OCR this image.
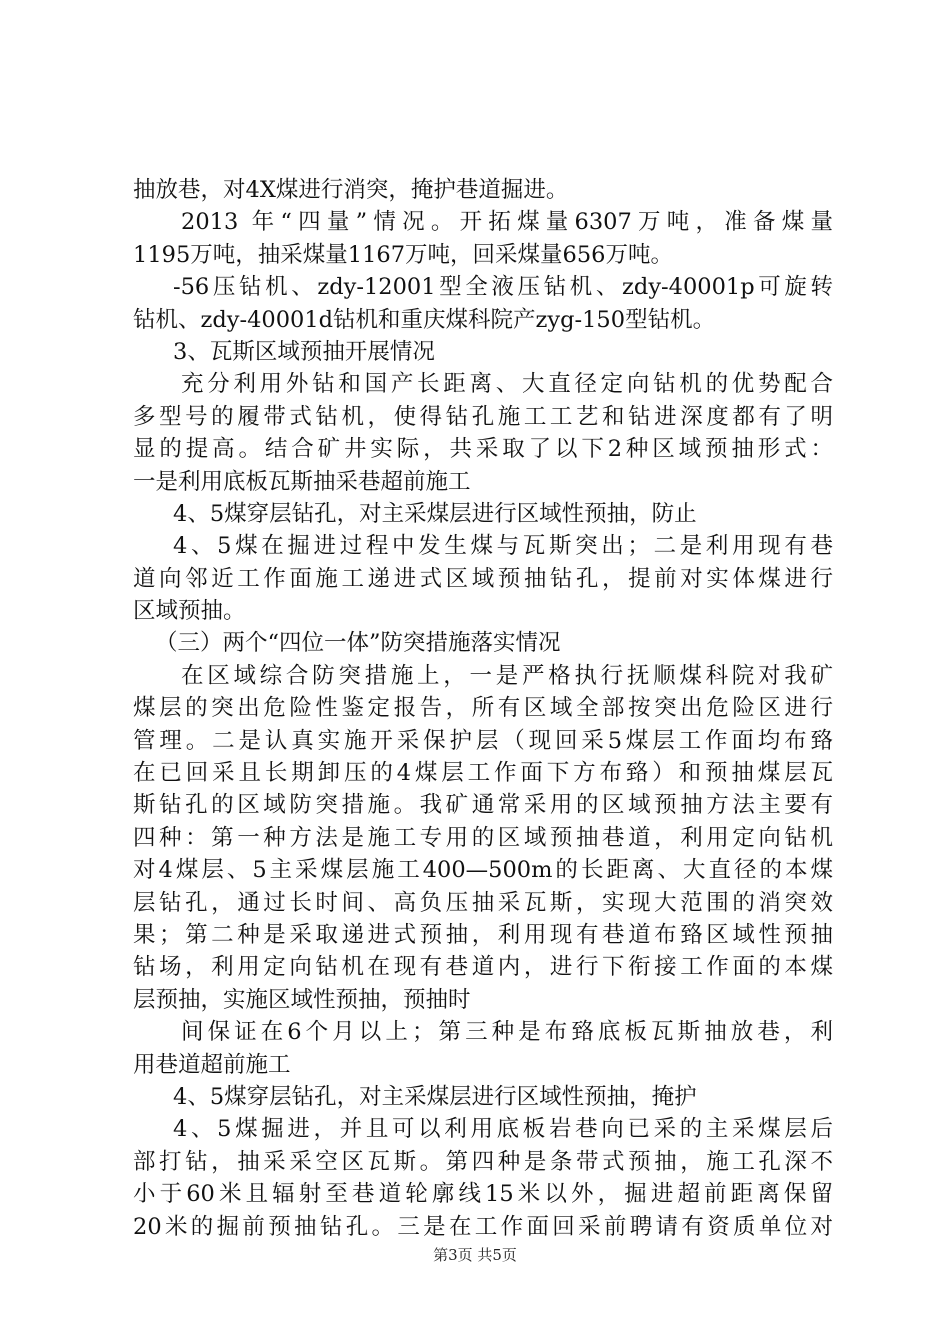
抽放巷，对4X煤进行消突，掩护巷道掘进。
2013 年“四量”情况。开拓煤量6307万吨，准备煤量
1195万吨，抽采煤量1167万吨，回采煤量656万吨。
-56压钻机、zdy-12001型全液压钻机、zdy-40001p可旋转
钻机、zdy-40001d钻机和重庆煤科院产zyg-150型钻机。
3、瓦斯区域预抽开展情况
充分利用外钻和国产长距离、大直径定向钻机的优势配合
多型号的履带式钻机，使得钻孔施工工艺和钻进深度都有了明
显的提高。结合矿井实际，共采取了以下2种区域预抽形式：
一是利用底板瓦斯抽采巷超前施工
4、5煤穿层钻孔，对主采煤层进行区域性预抽，防止
4、5煤在掘进过程中发生煤与瓦斯突出；二是利用现有巷
道向邻近工作面施工递进式区域预抽钻孔，提前对实体煤进行
区域预抽。
（三）两个“四位一体”防突措施落实情况
在区域综合防突措施上，一是严格执行抚顺煤科院对我矿
煤层的突出危险性鉴定报告，所有区域全部按突出危险区进行
管理。二是认真实施开采保护层（现回采5煤层工作面均布臵
在已回采且长期卸压的4煤层工作面下方布臵）和预抽煤层瓦
斯钻孔的区域防突措施。我矿通常采用的区域预抽方法主要有
四种：第一种方法是施工专用的区域预抽巷道，利用定向钻机
对4煤层、5主采煤层施工400—500m的长距离、大直径的本煤
层钻孔，通过长时间、高负压抽采瓦斯，实现大范围的消突效
果；第二种是采取递进式预抽，利用现有巷道布臵区域性预抽
钻场，利用定向钻机在现有巷道内，进行下衔接工作面的本煤
层预抽，实施区域性预抽，预抽时
间保证在6个月以上；第三种是布臵底板瓦斯抽放巷，利
用巷道超前施工
4、5煤穿层钻孔，对主采煤层进行区域性预抽，掩护
4、5煤掘进，并且可以利用底板岩巷向已采的主采煤层后
部打钻，抽采采空区瓦斯。第四种是条带式预抽，施工孔深不
小于60米且辐射至巷道轮廓线15米以外，掘进超前距离保留
20米的掘前预抽钻孔。三是在工作面回采前聘请有资质单位对
第3页 共5页
